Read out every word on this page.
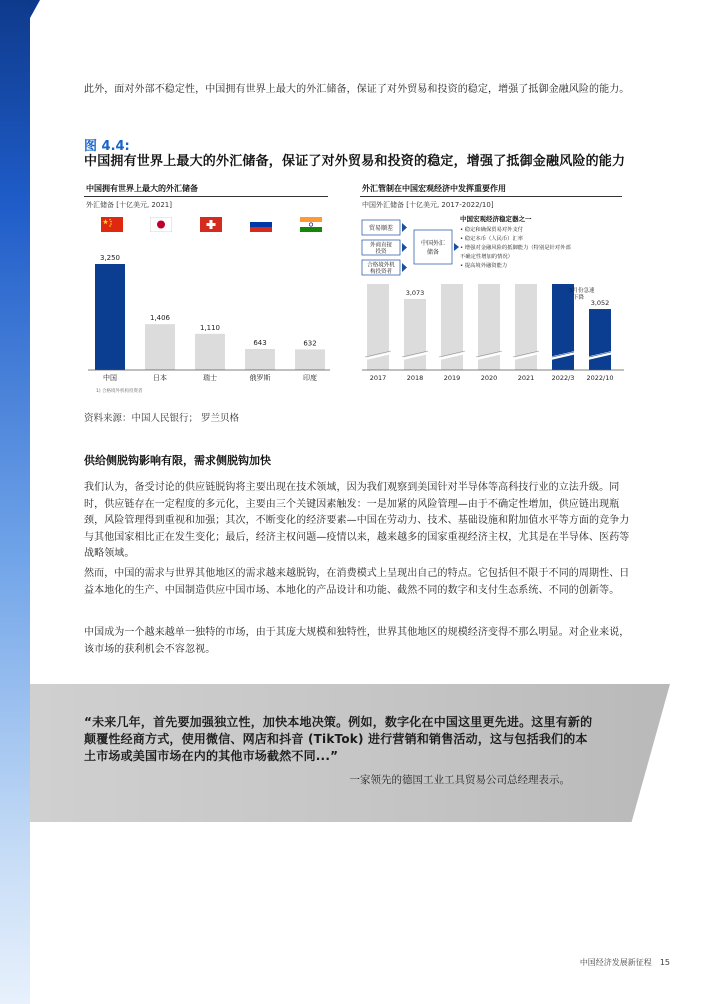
此外，面对外部不稳定性，中国拥有世界上最大的外汇储备，保证了对外贸易和投资的稳定，增强了抵御金融风险的能力。

图 4.4:
中国拥有世界上最大的外汇储备，保证了对外贸易和投资的稳定，增强了抵御金融风险的能力
中国拥有世界上最大的外汇储备
外汇储备 [十亿美元, 2021]
3,250
中国
1,406
日本
1,110
瑞士
643
俄罗斯
632
印度
1) 合格境外机构投资者
外汇管制在中国宏观经济中发挥重要作用
中国外汇储备 [十亿美元, 2017-2022/10]
贸易顺差
外商直接
投资
合格境外机
构投资者
中国外汇
储备
中国宏观经济稳定器之一
• 稳定和确保贸易对外支付
• 稳定本币（人民币）汇率
• 增强对金融风险的抵御能力（特别是针对外部
不确定性增加的情况）
• 提高境外融资能力
2017
3,073
2018	2019	2020	2021	2022/3
3,052
2022/10
3月份急速
下降
资料来源：中国人民银行； 罗兰贝格
供给侧脱钩影响有限，需求侧脱钩加快

我们认为，备受讨论的供应链脱钩将主要出现在技术领域，因为我们观察到美国针对半导体等高科技行业的立法升级。同时，供应链存在一定程度的多元化，主要由三个关键因素触发：一是加紧的风险管理—由于不确定性增加，供应链出现瓶颈，风险管理得到重视和加强；其次，不断变化的经济要素—中国在劳动力、技术、基础设施和附加值水平等方面的竞争力与其他国家相比正在发生变化；最后，经济主权问题—疫情以来，越来越多的国家重视经济主权，尤其是在半导体、医药等战略领域。

然而，中国的需求与世界其他地区的需求越来越脱钩，在消费模式上呈现出自己的特点。它包括但不限于不同的周期性、日益本地化的生产、中国制造供应中国市场、本地化的产品设计和功能、截然不同的数字和支付生态系统、不同的创新等。

中国成为一个越来越单一独特的市场，由于其庞大规模和独特性，世界其他地区的规模经济变得不那么明显。对企业来说，该市场的获利机会不容忽视。

“未来几年，首先要加强独立性，加快本地决策。例如，数字化在中国这里更先进。这里有新的颠覆性经商方式，使用微信、网店和抖音 (TikTok) 进行营销和销售活动，这与包括我们的本土市场或美国市场在内的其他市场截然不同...”

一家领先的德国工业工具贸易公司总经理表示。
中国经济发展新征程 15
